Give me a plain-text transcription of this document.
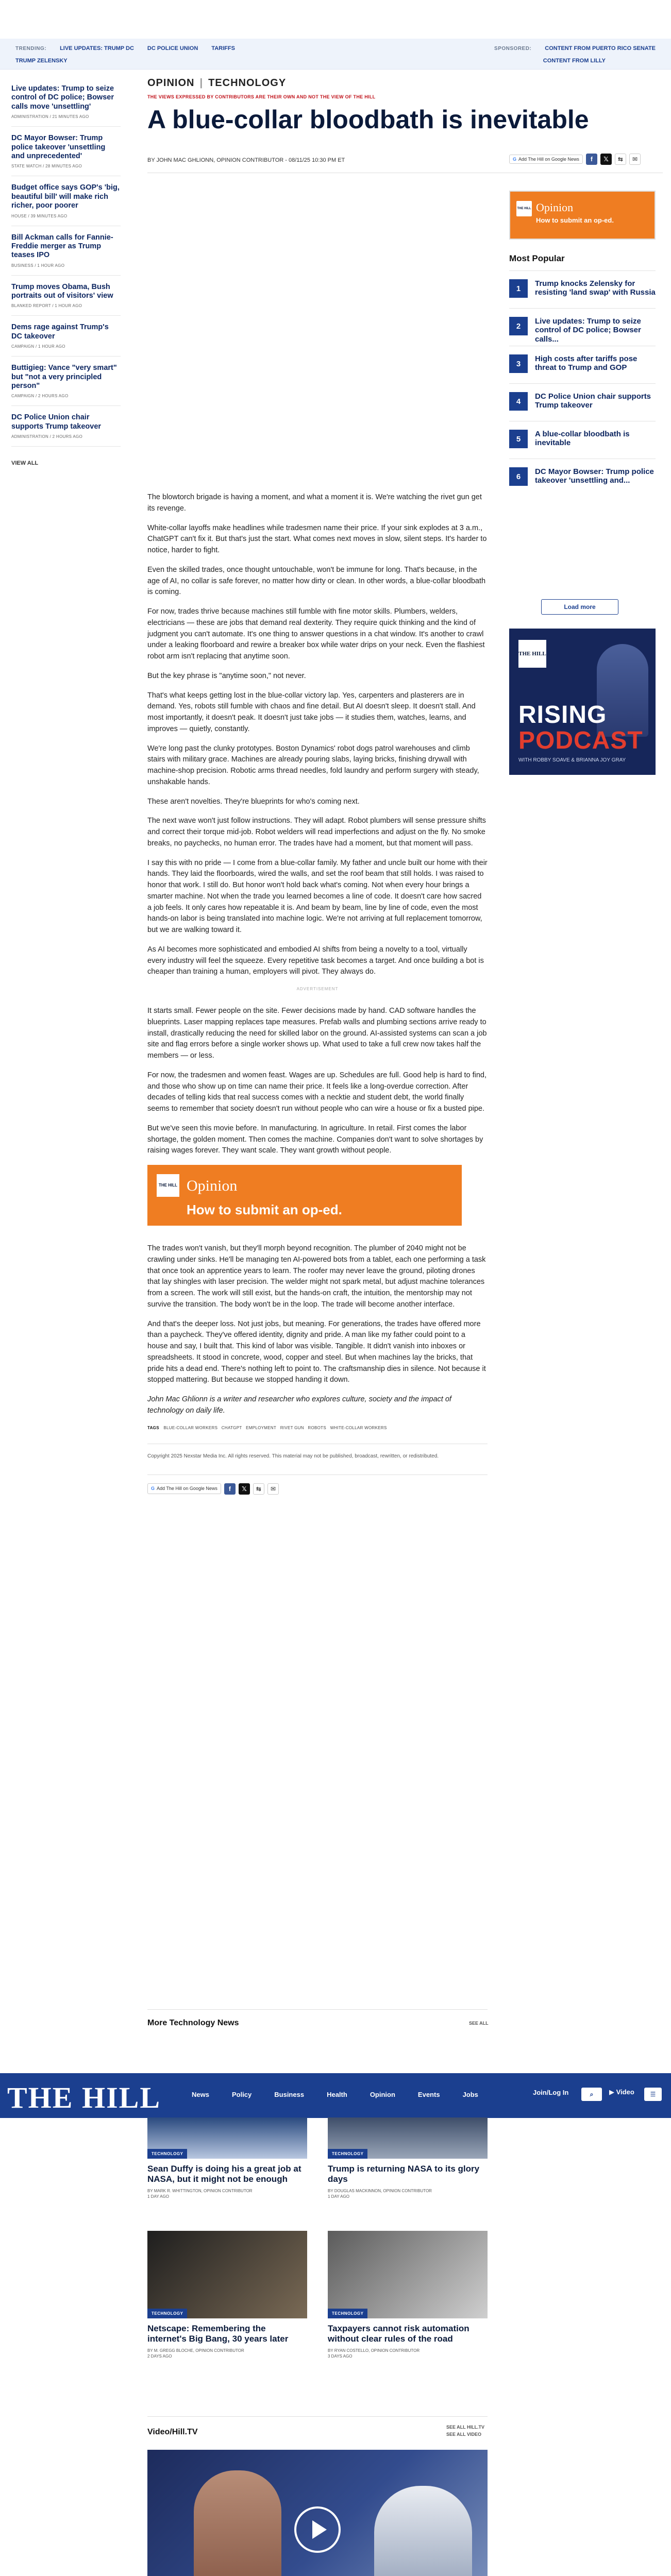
TRENDING: LIVE UPDATES: TRUMP DC DC POLICE UNION TARIFFS	SPONSORED: CONTENT FROM PUERTO RICO SENATE
TRUMP ZELENSKY	CONTENT FROM LILLY
Live updates: Trump to seize control of DC police; Bowser calls move 'unsettling'
ADMINISTRATION / 21 MINUTES AGO
DC Mayor Bowser: Trump police takeover 'unsettling and unprecedented'
STATE WATCH / 28 MINUTES AGO
Budget office says GOP's 'big, beautiful bill' will make rich richer, poor poorer
HOUSE / 39 MINUTES AGO
Bill Ackman calls for Fannie-Freddie merger as Trump teases IPO
BUSINESS / 1 HOUR AGO
Trump moves Obama, Bush portraits out of visitors' view
BLANKED REPORT / 1 HOUR AGO
Dems rage against Trump's DC takeover
CAMPAIGN / 1 HOUR AGO
Buttigieg: Vance "very smart" but "not a very principled person"
CAMPAIGN / 2 HOURS AGO
DC Police Union chair supports Trump takeover
ADMINISTRATION / 2 HOURS AGO
VIEW ALL
OPINION | TECHNOLOGY
THE VIEWS EXPRESSED BY CONTRIBUTORS ARE THEIR OWN AND NOT THE VIEW OF THE HILL
A blue-collar bloodbath is inevitable
BY JOHN MAC GHLIONN, OPINION CONTRIBUTOR - 08/11/25 10:30 PM ET	G Add The Hill on Google News	f	𝕏	⇆	✉
THE HILL Opinion
How to submit an op-ed.
Most Popular
1
Trump knocks Zelensky for resisting 'land swap' with Russia
2
Live updates: Trump to seize control of DC police; Bowser calls...
3
High costs after tariffs pose threat to Trump and GOP
4
DC Police Union chair supports Trump takeover
5
A blue-collar bloodbath is inevitable
6
DC Mayor Bowser: Trump police takeover 'unsettling and...
Load more
THE HILL
RISING
PODCAST
WITH ROBBY SOAVE & BRIANNA JOY GRAY

The blowtorch brigade is having a moment, and what a moment it is. We're watching the rivet gun get its revenge.

White-collar layoffs make headlines while tradesmen name their price. If your sink explodes at 3 a.m., ChatGPT can't fix it. But that's just the start. What comes next moves in slow, silent steps. It's harder to notice, harder to fight.

Even the skilled trades, once thought untouchable, won't be immune for long. That's because, in the age of AI, no collar is safe forever, no matter how dirty or clean. In other words, a blue-collar bloodbath is coming.

For now, trades thrive because machines still fumble with fine motor skills. Plumbers, welders, electricians — these are jobs that demand real dexterity. They require quick thinking and the kind of judgment you can't automate. It's one thing to answer questions in a chat window. It's another to crawl under a leaking floorboard and rewire a breaker box while water drips on your neck. Even the flashiest robot arm isn't replacing that anytime soon.

But the key phrase is "anytime soon," not never.

That's what keeps getting lost in the blue-collar victory lap. Yes, carpenters and plasterers are in demand. Yes, robots still fumble with chaos and fine detail. But AI doesn't sleep. It doesn't stall. And most importantly, it doesn't peak. It doesn't just take jobs — it studies them, watches, learns, and improves — quietly, constantly.

We're long past the clunky prototypes. Boston Dynamics' robot dogs patrol warehouses and climb stairs with military grace. Machines are already pouring slabs, laying bricks, finishing drywall with machine-shop precision. Robotic arms thread needles, fold laundry and perform surgery with steady, unshakable hands.

These aren't novelties. They're blueprints for who's coming next.

The next wave won't just follow instructions. They will adapt. Robot plumbers will sense pressure shifts and correct their torque mid-job. Robot welders will read imperfections and adjust on the fly. No smoke breaks, no paychecks, no human error. The trades have had a moment, but that moment will pass.

I say this with no pride — I come from a blue-collar family. My father and uncle built our home with their hands. They laid the floorboards, wired the walls, and set the roof beam that still holds. I was raised to honor that work. I still do. But honor won't hold back what's coming. Not when every hour brings a smarter machine. Not when the trade you learned becomes a line of code. It doesn't care how sacred a job feels. It only cares how repeatable it is. And beam by beam, line by line of code, even the most hands-on labor is being translated into machine logic. We're not arriving at full replacement tomorrow, but we are walking toward it.

As AI becomes more sophisticated and embodied AI shifts from being a novelty to a tool, virtually every industry will feel the squeeze. Every repetitive task becomes a target. And once building a bot is cheaper than training a human, employers will pivot. They always do.

ADVERTISEMENT

It starts small. Fewer people on the site. Fewer decisions made by hand. CAD software handles the blueprints. Laser mapping replaces tape measures. Prefab walls and plumbing sections arrive ready to install, drastically reducing the need for skilled labor on the ground. AI-assisted systems can scan a job site and flag errors before a single worker shows up. What used to take a full crew now takes half the members — or less.

For now, the tradesmen and women feast. Wages are up. Schedules are full. Good help is hard to find, and those who show up on time can name their price. It feels like a long-overdue correction. After decades of telling kids that real success comes with a necktie and student debt, the world finally seems to remember that society doesn't run without people who can wire a house or fix a busted pipe.

But we've seen this movie before. In manufacturing. In agriculture. In retail. First comes the labor shortage, the golden moment. Then comes the machine. Companies don't want to solve shortages by raising wages forever. They want scale. They want growth without people.

THE HILL Opinion
How to submit an op-ed.

The trades won't vanish, but they'll morph beyond recognition. The plumber of 2040 might not be crawling under sinks. He'll be managing ten AI-powered bots from a tablet, each one performing a task that once took an apprentice years to learn. The roofer may never leave the ground, piloting drones that lay shingles with laser precision. The welder might not spark metal, but adjust machine tolerances from a screen. The work will still exist, but the hands-on craft, the intuition, the mentorship may not survive the transition. The body won't be in the loop. The trade will become another interface.

And that's the deeper loss. Not just jobs, but meaning. For generations, the trades have offered more than a paycheck. They've offered identity, dignity and pride. A man like my father could point to a house and say, I built that. This kind of labor was visible. Tangible. It didn't vanish into inboxes or spreadsheets. It stood in concrete, wood, copper and steel. But when machines lay the bricks, that pride hits a dead end. There's nothing left to point to. The craftsmanship dies in silence. Not because it stopped mattering. But because we stopped handing it down.

John Mac Ghlionn is a writer and researcher who explores culture, society and the impact of technology on daily life.

TAGS BLUE-COLLAR WORKERS CHATGPT EMPLOYMENT RIVET GUN ROBOTS WHITE-COLLAR WORKERS
Copyright 2025 Nexstar Media Inc. All rights reserved. This material may not be published, broadcast, rewritten, or redistributed.
G Add The Hill on Google News	f	𝕏	⇆	✉
More Technology News	SEE ALL
THE HILL	News	Policy	Business	Health	Opinion	Events	Jobs	Join/Log In	⌕	▶ Video	☰
TECHNOLOGY
Sean Duffy is doing his a great job at NASA, but it might not be enough
BY MARK R. WHITTINGTON, OPINION CONTRIBUTOR
1 DAY AGO
TECHNOLOGY
Trump is returning NASA to its glory days
BY DOUGLAS MACKINNON, OPINION CONTRIBUTOR
1 DAY AGO
TECHNOLOGY
Netscape: Remembering the internet's Big Bang, 30 years later
BY M. GREGG BLOCHE, OPINION CONTRIBUTOR
2 DAYS AGO
TECHNOLOGY
Taxpayers cannot risk automation without clear rules of the road
BY RYAN COSTELLO, OPINION CONTRIBUTOR
3 DAYS AGO
Video/Hill.TV
SEE ALL HILL.TV
SEE ALL VIDEO
